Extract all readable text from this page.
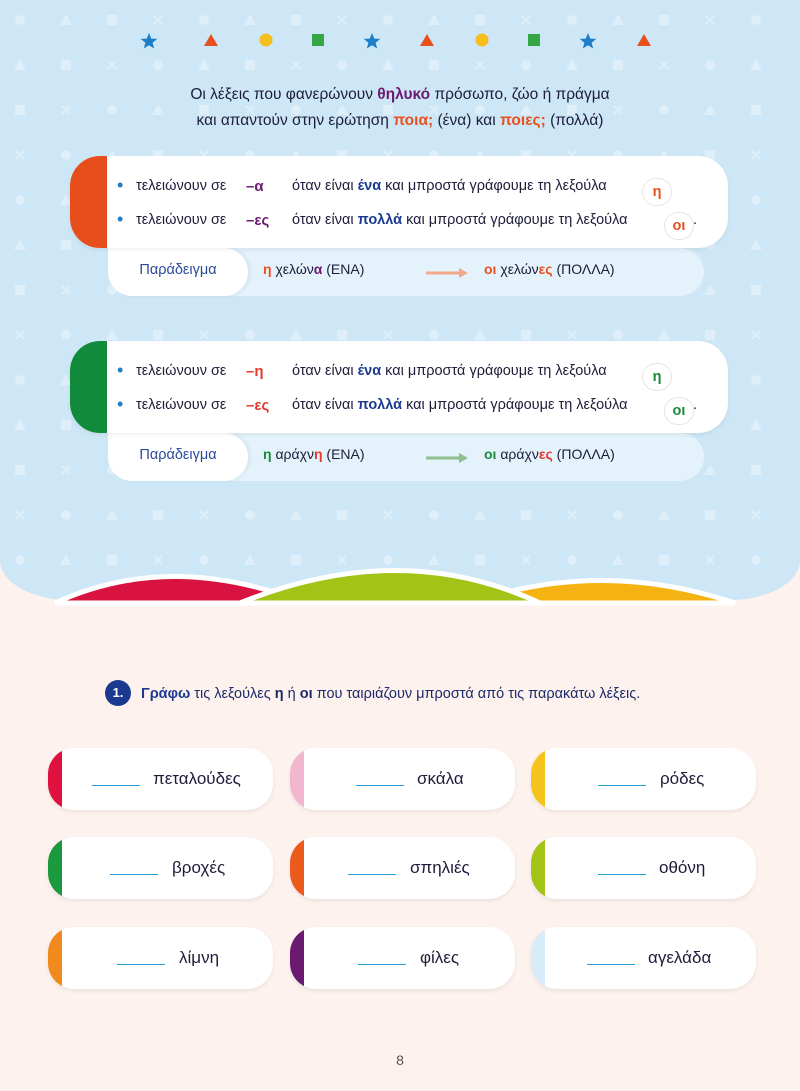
Οι λέξεις που φανερώνουν θηλυκό πρόσωπο, ζώο ή πράγμα
και απαντούν στην ερώτηση ποια; (ένα) και ποιες; (πολλά)
Παράδειγμα	η χελώνα (ΕΝΑ)	οι χελώνες (ΠΟΛΛΑ)
• τελειώνουν σε –α όταν είναι ένα και μπροστά γράφουμε τη λεξούλα	η
• τελειώνουν σε –ες όταν είναι πολλά και μπροστά γράφουμε τη λεξούλα	οι .
Παράδειγμα	η αράχνη (ΕΝΑ)	οι αράχνες (ΠΟΛΛΑ)
• τελειώνουν σε –η όταν είναι ένα και μπροστά γράφουμε τη λεξούλα	η
• τελειώνουν σε –ες όταν είναι πολλά και μπροστά γράφουμε τη λεξούλα	οι .
1.	Γράφω τις λεξούλες η ή οι που ταιριάζουν μπροστά από τις παρακάτω λέξεις.
πεταλούδες	σκάλα	ρόδες
βροχές	σπηλιές	οθόνη
λίμνη	φίλες	αγελάδα
8
